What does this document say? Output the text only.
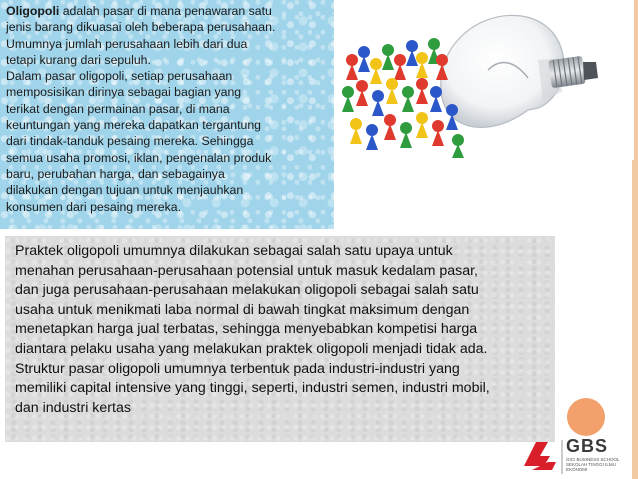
Oligopoli adalah pasar di mana penawaran satu
jenis barang dikuasai oleh beberapa perusahaan.
Umumnya jumlah perusahaan lebih dari dua
tetapi kurang dari sepuluh.
Dalam pasar oligopoli, setiap perusahaan
memposisikan dirinya sebagai bagian yang
terikat dengan permainan pasar, di mana
keuntungan yang mereka dapatkan tergantung
dari tindak-tanduk pesaing mereka. Sehingga
semua usaha promosi, iklan, pengenalan produk
baru, perubahan harga, dan sebagainya
dilakukan dengan tujuan untuk menjauhkan
konsumen dari pesaing mereka.

Praktek oligopoli umumnya dilakukan sebagai salah satu upaya untuk
menahan perusahaan-perusahaan potensial untuk masuk kedalam pasar,
dan juga perusahaan-perusahaan melakukan oligopoli sebagai salah satu
usaha untuk menikmati laba normal di bawah tingkat maksimum dengan
menetapkan harga jual terbatas, sehingga menyebabkan kompetisi harga
diantara pelaku usaha yang melakukan praktek oligopoli menjadi tidak ada.
Struktur pasar oligopoli umumnya terbentuk pada industri-industri yang
memiliki capital intensive yang tinggi, seperti, industri semen, industri mobil,
dan industri kertas

GBS
GICI BUSINESS SCHOOL
SEKOLAH TINGGI ILMU EKONOMI
